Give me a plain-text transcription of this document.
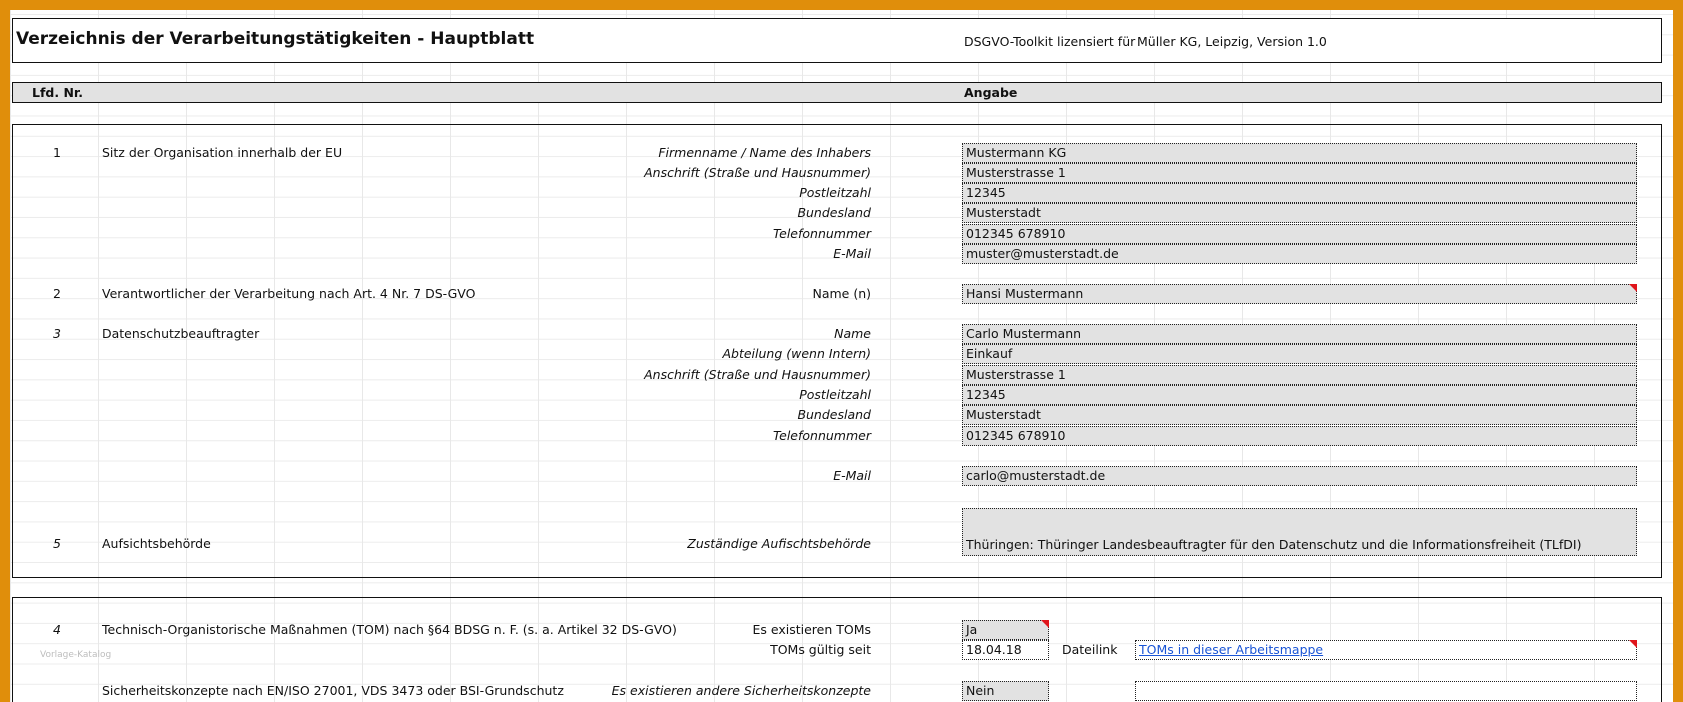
Verzeichnis der Verarbeitungstätigkeiten - Hauptblatt	DSGVO-Toolkit lizensiert für Müller KG, Leipzig, Version 1.0
Lfd. Nr.	Angabe
1	Sitz der Organisation innerhalb der EU	Firmenname / Name des Inhabers	Mustermann KG
Anschrift (Straße und Hausnummer)	Musterstrasse 1
Postleitzahl	12345
Bundesland	Musterstadt
Telefonnummer	012345 678910
E-Mail	muster@musterstadt.de
2	Verantwortlicher der Verarbeitung nach Art. 4 Nr. 7 DS-GVO	Name (n)	Hansi Mustermann
3	Datenschutzbeauftragter	Name	Carlo Mustermann
Abteilung (wenn Intern)	Einkauf
Anschrift (Straße und Hausnummer)	Musterstrasse 1
Postleitzahl	12345
Bundesland	Musterstadt
Telefonnummer	012345 678910
E-Mail	carlo@musterstadt.de
5	Aufsichtsbehörde	Zuständige Aufischtsbehörde	Thüringen: Thüringer Landesbeauftragter für den Datenschutz und die Informationsfreiheit (TLfDI)
4	Technisch-Organistorische Maßnahmen (TOM) nach §64 BDSG n. F. (s. a. Artikel 32 DS-GVO)	Es existieren TOMs	Ja
TOMs gültig seit	18.04.18	Dateilink	TOMs in dieser Arbeitsmappe
Vorlage-Katalog
Sicherheitskonzepte nach EN/ISO 27001, VDS 3473 oder BSI-Grundschutz	Es existieren andere Sicherheitskonzepte	Nein
